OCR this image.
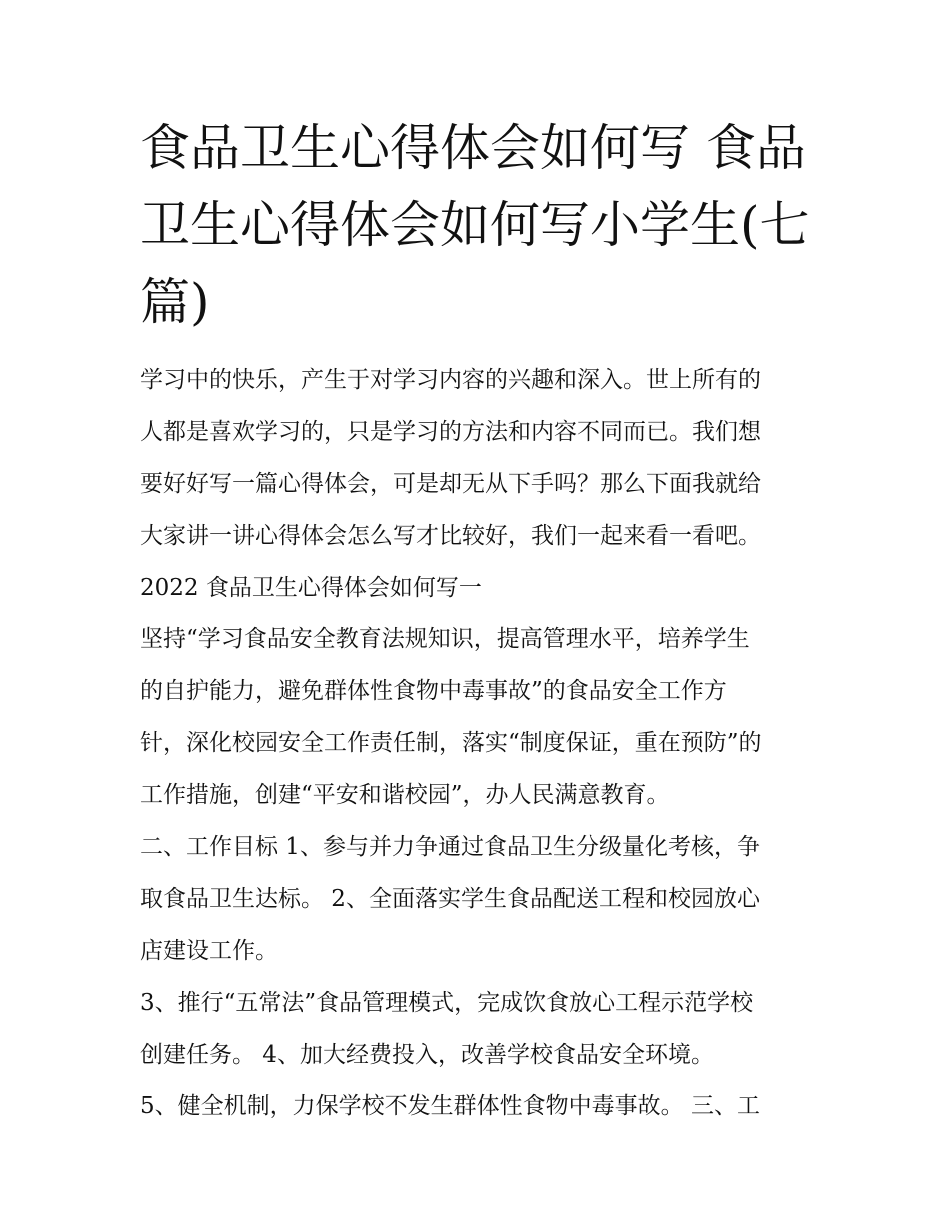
食品卫生心得体会如何写 食品
卫生心得体会如何写小学生(七
篇)
学习中的快乐，产生于对学习内容的兴趣和深入。世上所有的
人都是喜欢学习的，只是学习的方法和内容不同而已。我们想
要好好写一篇心得体会，可是却无从下手吗？那么下面我就给
大家讲一讲心得体会怎么写才比较好，我们一起来看一看吧。
2022 食品卫生心得体会如何写一
坚持“学习食品安全教育法规知识，提高管理水平，培养学生
的自护能力，避免群体性食物中毒事故”的食品安全工作方
针，深化校园安全工作责任制，落实“制度保证，重在预防”的
工作措施，创建“平安和谐校园”，办人民满意教育。
二、工作目标 1、参与并力争通过食品卫生分级量化考核，争
取食品卫生达标。 2、全面落实学生食品配送工程和校园放心
店建设工作。
3、推行“五常法”食品管理模式，完成饮食放心工程示范学校
创建任务。 4、加大经费投入，改善学校食品安全环境。
5、健全机制，力保学校不发生群体性食物中毒事故。 三、工
